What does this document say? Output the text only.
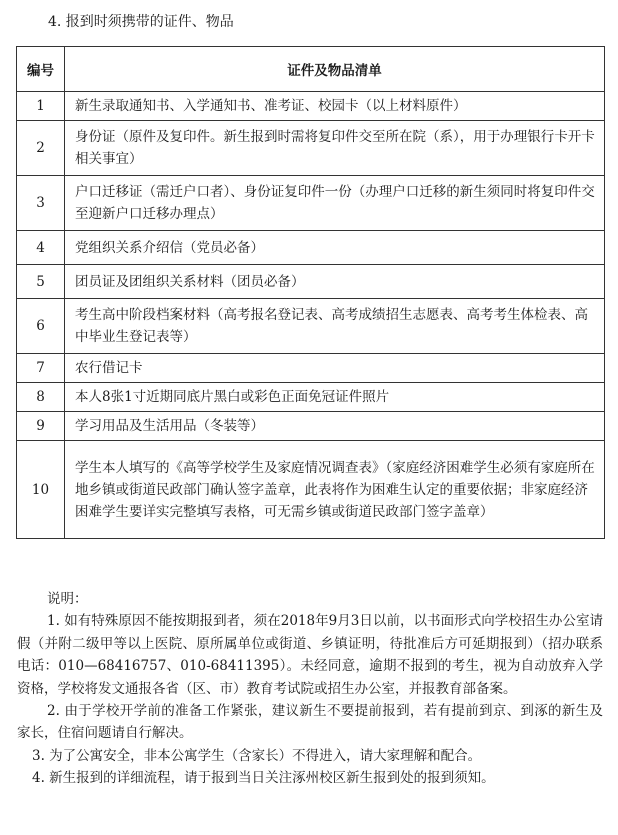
4. 报到时须携带的证件、物品
编号	证件及物品清单
1	新生录取通知书、入学通知书、准考证、校园卡（以上材料原件）
2	身份证（原件及复印件。新生报到时需将复印件交至所在院（系），用于办理银行卡开卡相关事宜）
3	户口迁移证（需迁户口者）、身份证复印件一份（办理户口迁移的新生须同时将复印件交至迎新户口迁移办理点）
4	党组织关系介绍信（党员必备）
5	团员证及团组织关系材料（团员必备）
6	考生高中阶段档案材料（高考报名登记表、高考成绩招生志愿表、高考考生体检表、高中毕业生登记表等）
7	农行借记卡
8	本人8张1寸近期同底片黑白或彩色正面免冠证件照片
9	学习用品及生活用品（冬装等）
10	学生本人填写的《高等学校学生及家庭情况调查表》（家庭经济困难学生必须有家庭所在地乡镇或街道民政部门确认签字盖章，此表将作为困难生认定的重要依据；非家庭经济困难学生要详实完整填写表格，可无需乡镇或街道民政部门签字盖章）

说明：

1. 如有特殊原因不能按期报到者，须在2018年9月3日以前，以书面形式向学校招生办公室请假（并附二级甲等以上医院、原所属单位或街道、乡镇证明，待批准后方可延期报到）（招办联系电话：010—68416757、010-68411395）。未经同意，逾期不报到的考生，视为自动放弃入学资格，学校将发文通报各省（区、市）教育考试院或招生办公室，并报教育部备案。

2. 由于学校开学前的准备工作紧张，建议新生不要提前报到，若有提前到京、到涿的新生及家长，住宿问题请自行解决。

3. 为了公寓安全，非本公寓学生（含家长）不得进入，请大家理解和配合。

4. 新生报到的详细流程，请于报到当日关注涿州校区新生报到处的报到须知。
